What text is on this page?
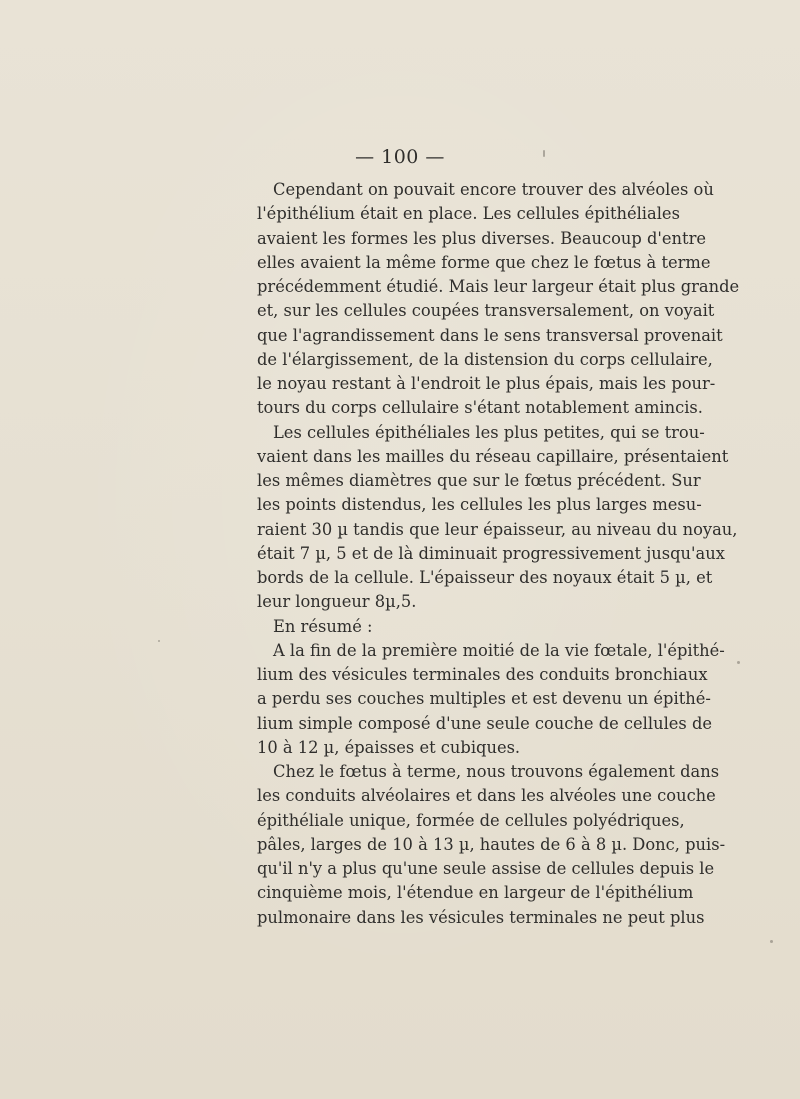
— 100 —
Cependant on pouvait encore trouver des alvéoles où
l'épithélium était en place. Les cellules épithéliales
avaient les formes les plus diverses. Beaucoup d'entre
elles avaient la même forme que chez le fœtus à terme
précédemment étudié. Mais leur largeur était plus grande
et, sur les cellules coupées transversalement, on voyait
que l'agrandissement dans le sens transversal provenait
de l'élargissement, de la distension du corps cellulaire,
le noyau restant à l'endroit le plus épais, mais les pour-
tours du corps cellulaire s'étant notablement amincis.
Les cellules épithéliales les plus petites, qui se trou-
vaient dans les mailles du réseau capillaire, présentaient
les mêmes diamètres que sur le fœtus précédent. Sur
les points distendus, les cellules les plus larges mesu-
raient 30 µ tandis que leur épaisseur, au niveau du noyau,
était 7 µ, 5 et de là diminuait progressivement jusqu'aux
bords de la cellule. L'épaisseur des noyaux était 5 µ, et
leur longueur 8µ,5.
En résumé :
A la fin de la première moitié de la vie fœtale, l'épithé-
lium des vésicules terminales des conduits bronchiaux
a perdu ses couches multiples et est devenu un épithé-
lium simple composé d'une seule couche de cellules de
10 à 12 µ, épaisses et cubiques.
Chez le fœtus à terme, nous trouvons également dans
les conduits alvéolaires et dans les alvéoles une couche
épithéliale unique, formée de cellules polyédriques,
pâles, larges de 10 à 13 µ, hautes de 6 à 8 µ. Donc, puis-
qu'il n'y a plus qu'une seule assise de cellules depuis le
cinquième mois, l'étendue en largeur de l'épithélium
pulmonaire dans les vésicules terminales ne peut plus
